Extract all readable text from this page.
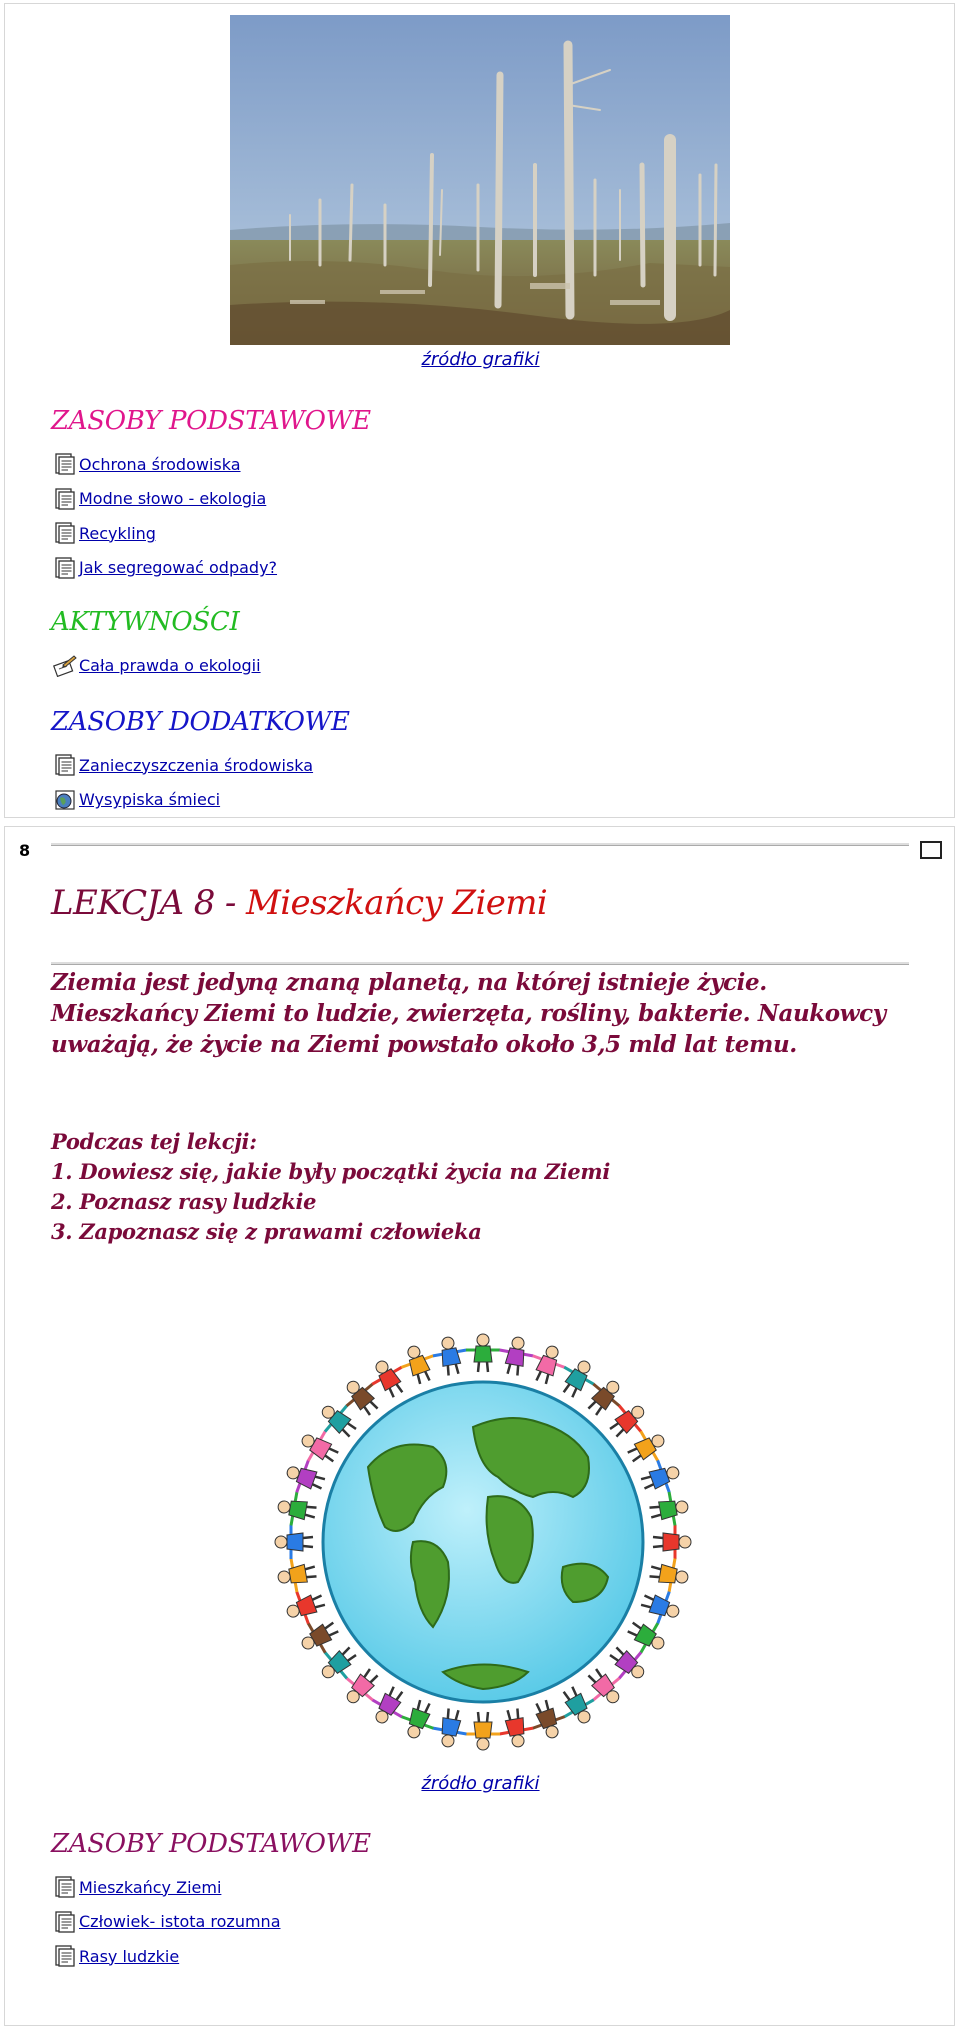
źródło grafiki
ZASOBY PODSTAWOWE
Ochrona środowiska
Modne słowo - ekologia
Recykling
Jak segregować odpady?
AKTYWNOŚCI
Cała prawda o ekologii
ZASOBY DODATKOWE
Zanieczyszczenia środowiska
Wysypiska śmieci
8
LEKCJA 8 - Mieszkańcy Ziemi

Ziemia jest jedyną znaną planetą, na której istnieje życie. Mieszkańcy Ziemi to ludzie, zwierzęta, rośliny, bakterie. Naukowcy uważają, że życie na Ziemi powstało około 3,5 mld lat temu.

Podczas tej lekcji:
1. Dowiesz się, jakie były początki życia na Ziemi
2. Poznasz rasy ludzkie
3. Zapoznasz się z prawami człowieka
źródło grafiki
ZASOBY PODSTAWOWE
Mieszkańcy Ziemi
Człowiek- istota rozumna
Rasy ludzkie
